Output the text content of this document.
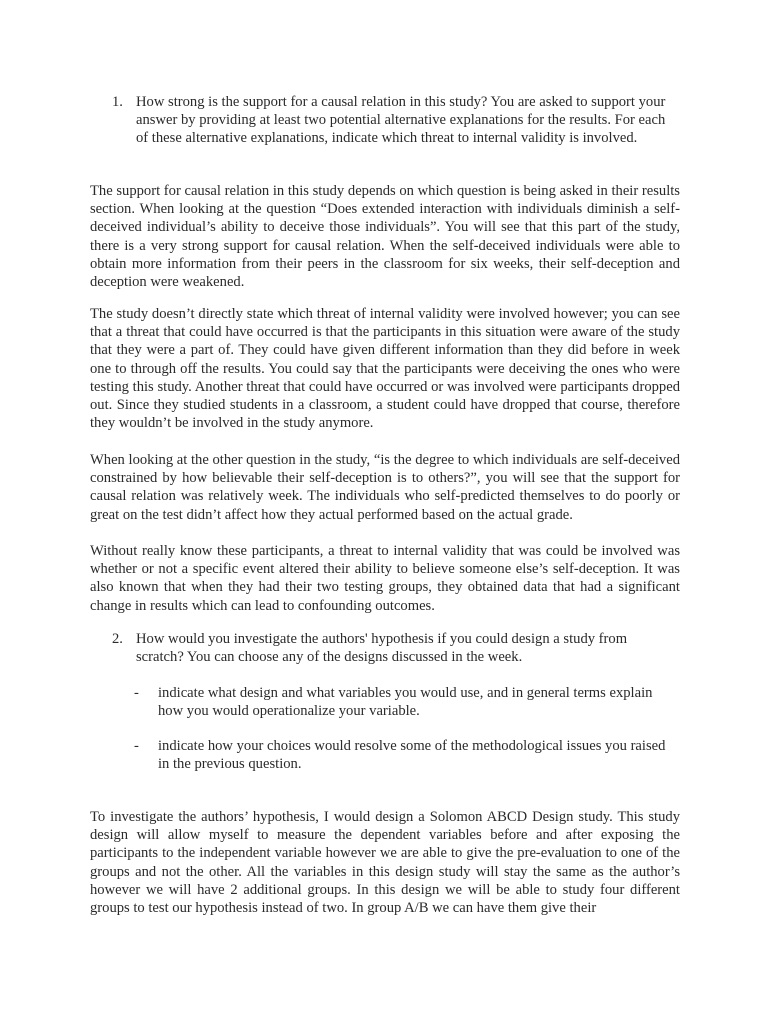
1. How strong is the support for a causal relation in this study? You are asked to support your answer by providing at least two potential alternative explanations for the results. For each of these alternative explanations, indicate which threat to internal validity is involved.
The support for causal relation in this study depends on which question is being asked in their results section. When looking at the question “Does extended interaction with individuals diminish a self-deceived individual’s ability to deceive those individuals”. You will see that this part of the study, there is a very strong support for causal relation. When the self-deceived individuals were able to obtain more information from their peers in the classroom for six weeks, their self-deception and deception were weakened.
The study doesn’t directly state which threat of internal validity were involved however; you can see that a threat that could have occurred is that the participants in this situation were aware of the study that they were a part of. They could have given different information than they did before in week one to through off the results. You could say that the participants were deceiving the ones who were testing this study. Another threat that could have occurred or was involved were participants dropped out. Since they studied students in a classroom, a student could have dropped that course, therefore they wouldn’t be involved in the study anymore.
When looking at the other question in the study, “is the degree to which individuals are self-deceived constrained by how believable their self-deception is to others?”, you will see that the support for causal relation was relatively week. The individuals who self-predicted themselves to do poorly or great on the test didn’t affect how they actual performed based on the actual grade.
Without really know these participants, a threat to internal validity that was could be involved was whether or not a specific event altered their ability to believe someone else’s self-deception. It was also known that when they had their two testing groups, they obtained data that had a significant change in results which can lead to confounding outcomes.
2. How would you investigate the authors' hypothesis if you could design a study from scratch? You can choose any of the designs discussed in the week.
- indicate what design and what variables you would use, and in general terms explain how you would operationalize your variable.
- indicate how your choices would resolve some of the methodological issues you raised in the previous question.
To investigate the authors’ hypothesis, I would design a Solomon ABCD Design study. This study design will allow myself to measure the dependent variables before and after exposing the participants to the independent variable however we are able to give the pre-evaluation to one of the groups and not the other. All the variables in this design study will stay the same as the author’s however we will have 2 additional groups. In this design we will be able to study four different groups to test our hypothesis instead of two. In group A/B we can have them give their
